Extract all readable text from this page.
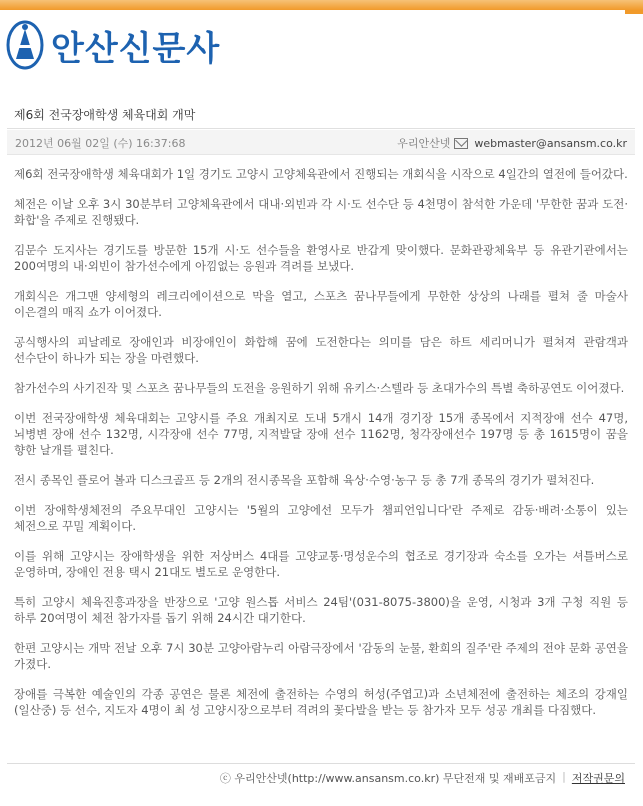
안산신문사
제6회 전국장애학생 체육대회 개막
2012년 06월 02일 (수) 16:37:68	우리안산넷 webmaster@ansansm.co.kr

제6회 전국장애학생 체육대회가 1일 경기도 고양시 고양체육관에서 진행되는 개회식을 시작으로 4일간의 열전에 들어갔다.

체전은 이날 오후 3시 30분부터 고양체육관에서 대내·외빈과 각 시·도 선수단 등 4천명이 참석한 가운데 '무한한 꿈과 도전·화합'을 주제로 진행됐다.

김문수 도지사는 경기도를 방문한 15개 시·도 선수들을 환영사로 반갑게 맞이했다. 문화관광체육부 등 유관기관에서는 200여명의 내·외빈이 참가선수에게 아낌없는 응원과 격려를 보냈다.

개회식은 개그맨 양세형의 레크리에이션으로 막을 열고, 스포츠 꿈나무들에게 무한한 상상의 나래를 펼쳐 줄 마술사 이은결의 매직 쇼가 이어졌다.

공식행사의 피날레로 장애인과 비장애인이 화합해 꿈에 도전한다는 의미를 담은 하트 세리머니가 펼쳐져 관람객과 선수단이 하나가 되는 장을 마련했다.

참가선수의 사기진작 및 스포츠 꿈나무들의 도전을 응원하기 위해 유키스·스텔라 등 초대가수의 특별 축하공연도 이어졌다.

이번 전국장애학생 체육대회는 고양시를 주요 개최지로 도내 5개시 14개 경기장 15개 종목에서 지적장애 선수 47명, 뇌병변 장애 선수 132명, 시각장애 선수 77명, 지적발달 장애 선수 1162명, 청각장애선수 197명 등 총 1615명이 꿈을 향한 날개를 펼친다.

전시 종목인 플로어 볼과 디스크골프 등 2개의 전시종목을 포함해 육상·수영·농구 등 총 7개 종목의 경기가 펼쳐진다.

이번 장애학생체전의 주요무대인 고양시는 '5월의 고양에선 모두가 챔피언입니다'란 주제로 감동·배려·소통이 있는 체전으로 꾸밀 계획이다.

이를 위해 고양시는 장애학생을 위한 저상버스 4대를 고양교통·명성운수의 협조로 경기장과 숙소를 오가는 셔틀버스로 운영하며, 장애인 전용 택시 21대도 별도로 운영한다.

특히 고양시 체육진흥과장을 반장으로 '고양 원스톱 서비스 24팀'(031-8075-3800)을 운영, 시청과 3개 구청 직원 등 하루 20여명이 체전 참가자를 돕기 위해 24시간 대기한다.

한편 고양시는 개막 전날 오후 7시 30분 고양아람누리 아람극장에서 '감동의 눈물, 환희의 질주'란 주제의 전야 문화 공연을 가졌다.

장애를 극복한 예술인의 각종 공연은 물론 체전에 출전하는 수영의 허성(주엽고)과 소년체전에 출전하는 체조의 강재일(일산중) 등 선수, 지도자 4명이 최 성 고양시장으로부터 격려의 꽃다발을 받는 등 참가자 모두 성공 개최를 다짐했다.

ⓒ 우리안산넷(http://www.ansansm.co.kr) 무단전재 및 재배포금지 | 저작권문의
